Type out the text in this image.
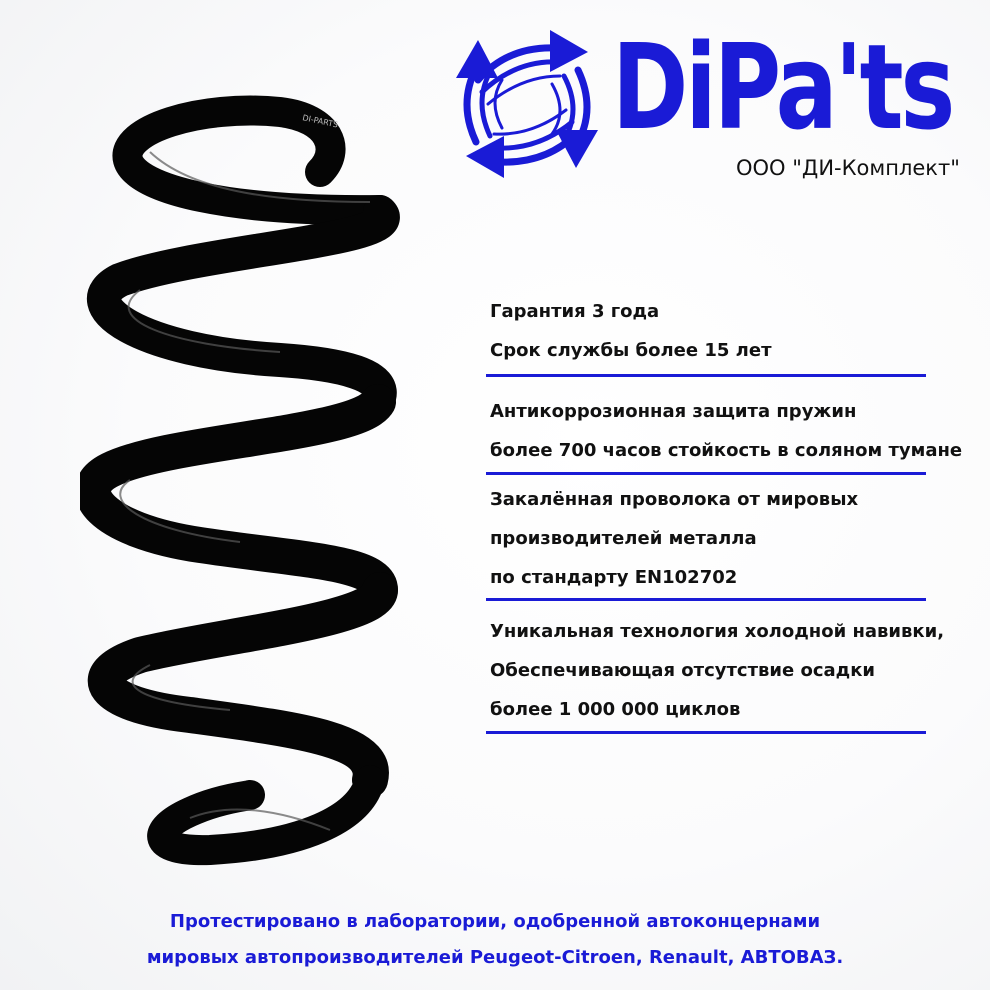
DiPa'ts
ООО "ДИ-Комплект"
DI-PARTS
Гарантия 3 года
Срок службы более 15 лет
Антикоррозионная защита пружин
более 700 часов стойкость в соляном тумане
Закалённая проволока от мировых
производителей металла
по стандарту EN102702
Уникальная технология холодной навивки,
Обеспечивающая отсутствие осадки
более 1 000 000 циклов
Протестировано в лаборатории, одобренной автоконцернами
мировых автопроизводителей Peugeot-Citroen, Renault, АВТОВАЗ.
